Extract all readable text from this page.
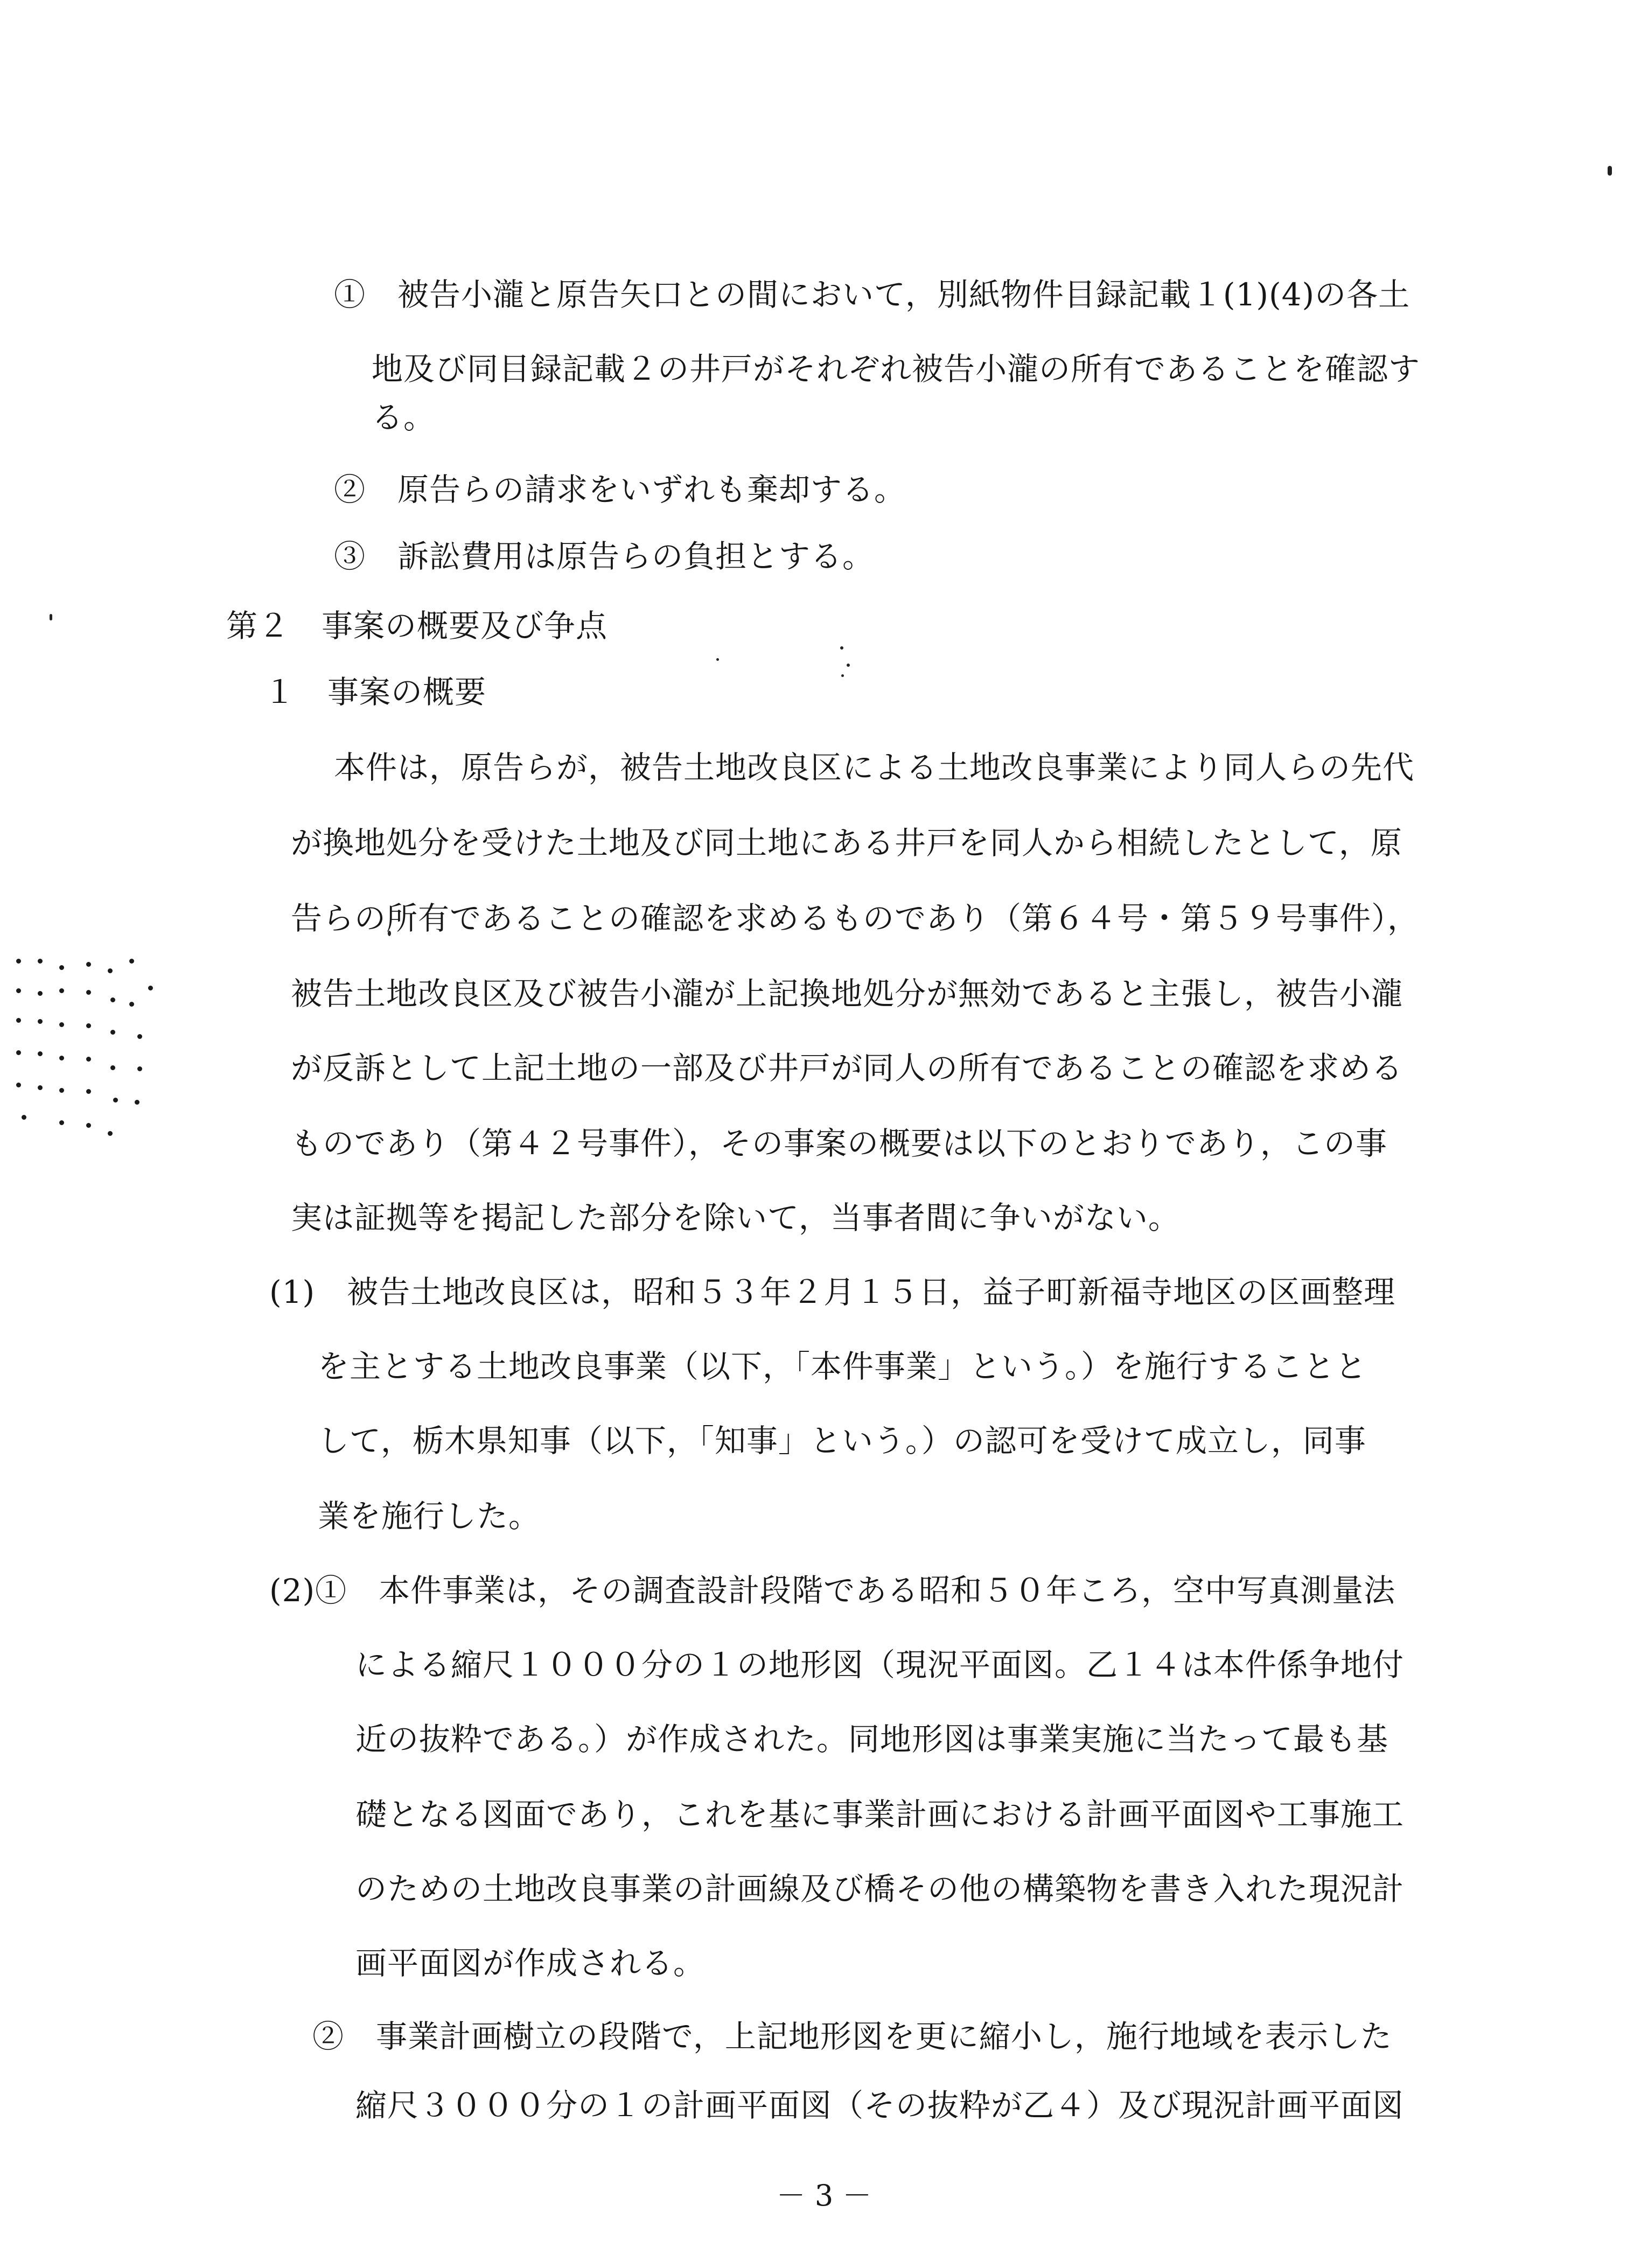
①　被告小瀧と原告矢口との間において，別紙物件目録記載１(1)(4)の各土
地及び同目録記載２の井戸がそれぞれ被告小瀧の所有であることを確認す
る。
②　原告らの請求をいずれも棄却する。
③　訴訟費用は原告らの負担とする。
第２　事案の概要及び争点
１　事案の概要
本件は，原告らが，被告土地改良区による土地改良事業により同人らの先代
が換地処分を受けた土地及び同土地にある井戸を同人から相続したとして，原
告らの所有であることの確認を求めるものであり（第６４号・第５９号事件），
被告土地改良区及び被告小瀧が上記換地処分が無効であると主張し，被告小瀧
が反訴として上記土地の一部及び井戸が同人の所有であることの確認を求める
ものであり（第４２号事件），その事案の概要は以下のとおりであり，この事
実は証拠等を掲記した部分を除いて，当事者間に争いがない。
(1)　被告土地改良区は，昭和５３年２月１５日，益子町新福寺地区の区画整理
を主とする土地改良事業（以下，「本件事業」という。）を施行することと
して，栃木県知事（以下，「知事」という。）の認可を受けて成立し，同事
業を施行した。
(2)①　本件事業は，その調査設計段階である昭和５０年ころ，空中写真測量法
による縮尺１０００分の１の地形図（現況平面図。乙１４は本件係争地付
近の抜粋である。）が作成された。同地形図は事業実施に当たって最も基
礎となる図面であり，これを基に事業計画における計画平面図や工事施工
のための土地改良事業の計画線及び橋その他の構築物を書き入れた現況計
画平面図が作成される。
②　事業計画樹立の段階で，上記地形図を更に縮小し，施行地域を表示した
縮尺３０００分の１の計画平面図（その抜粋が乙４）及び現況計画平面図
－ 3 －
